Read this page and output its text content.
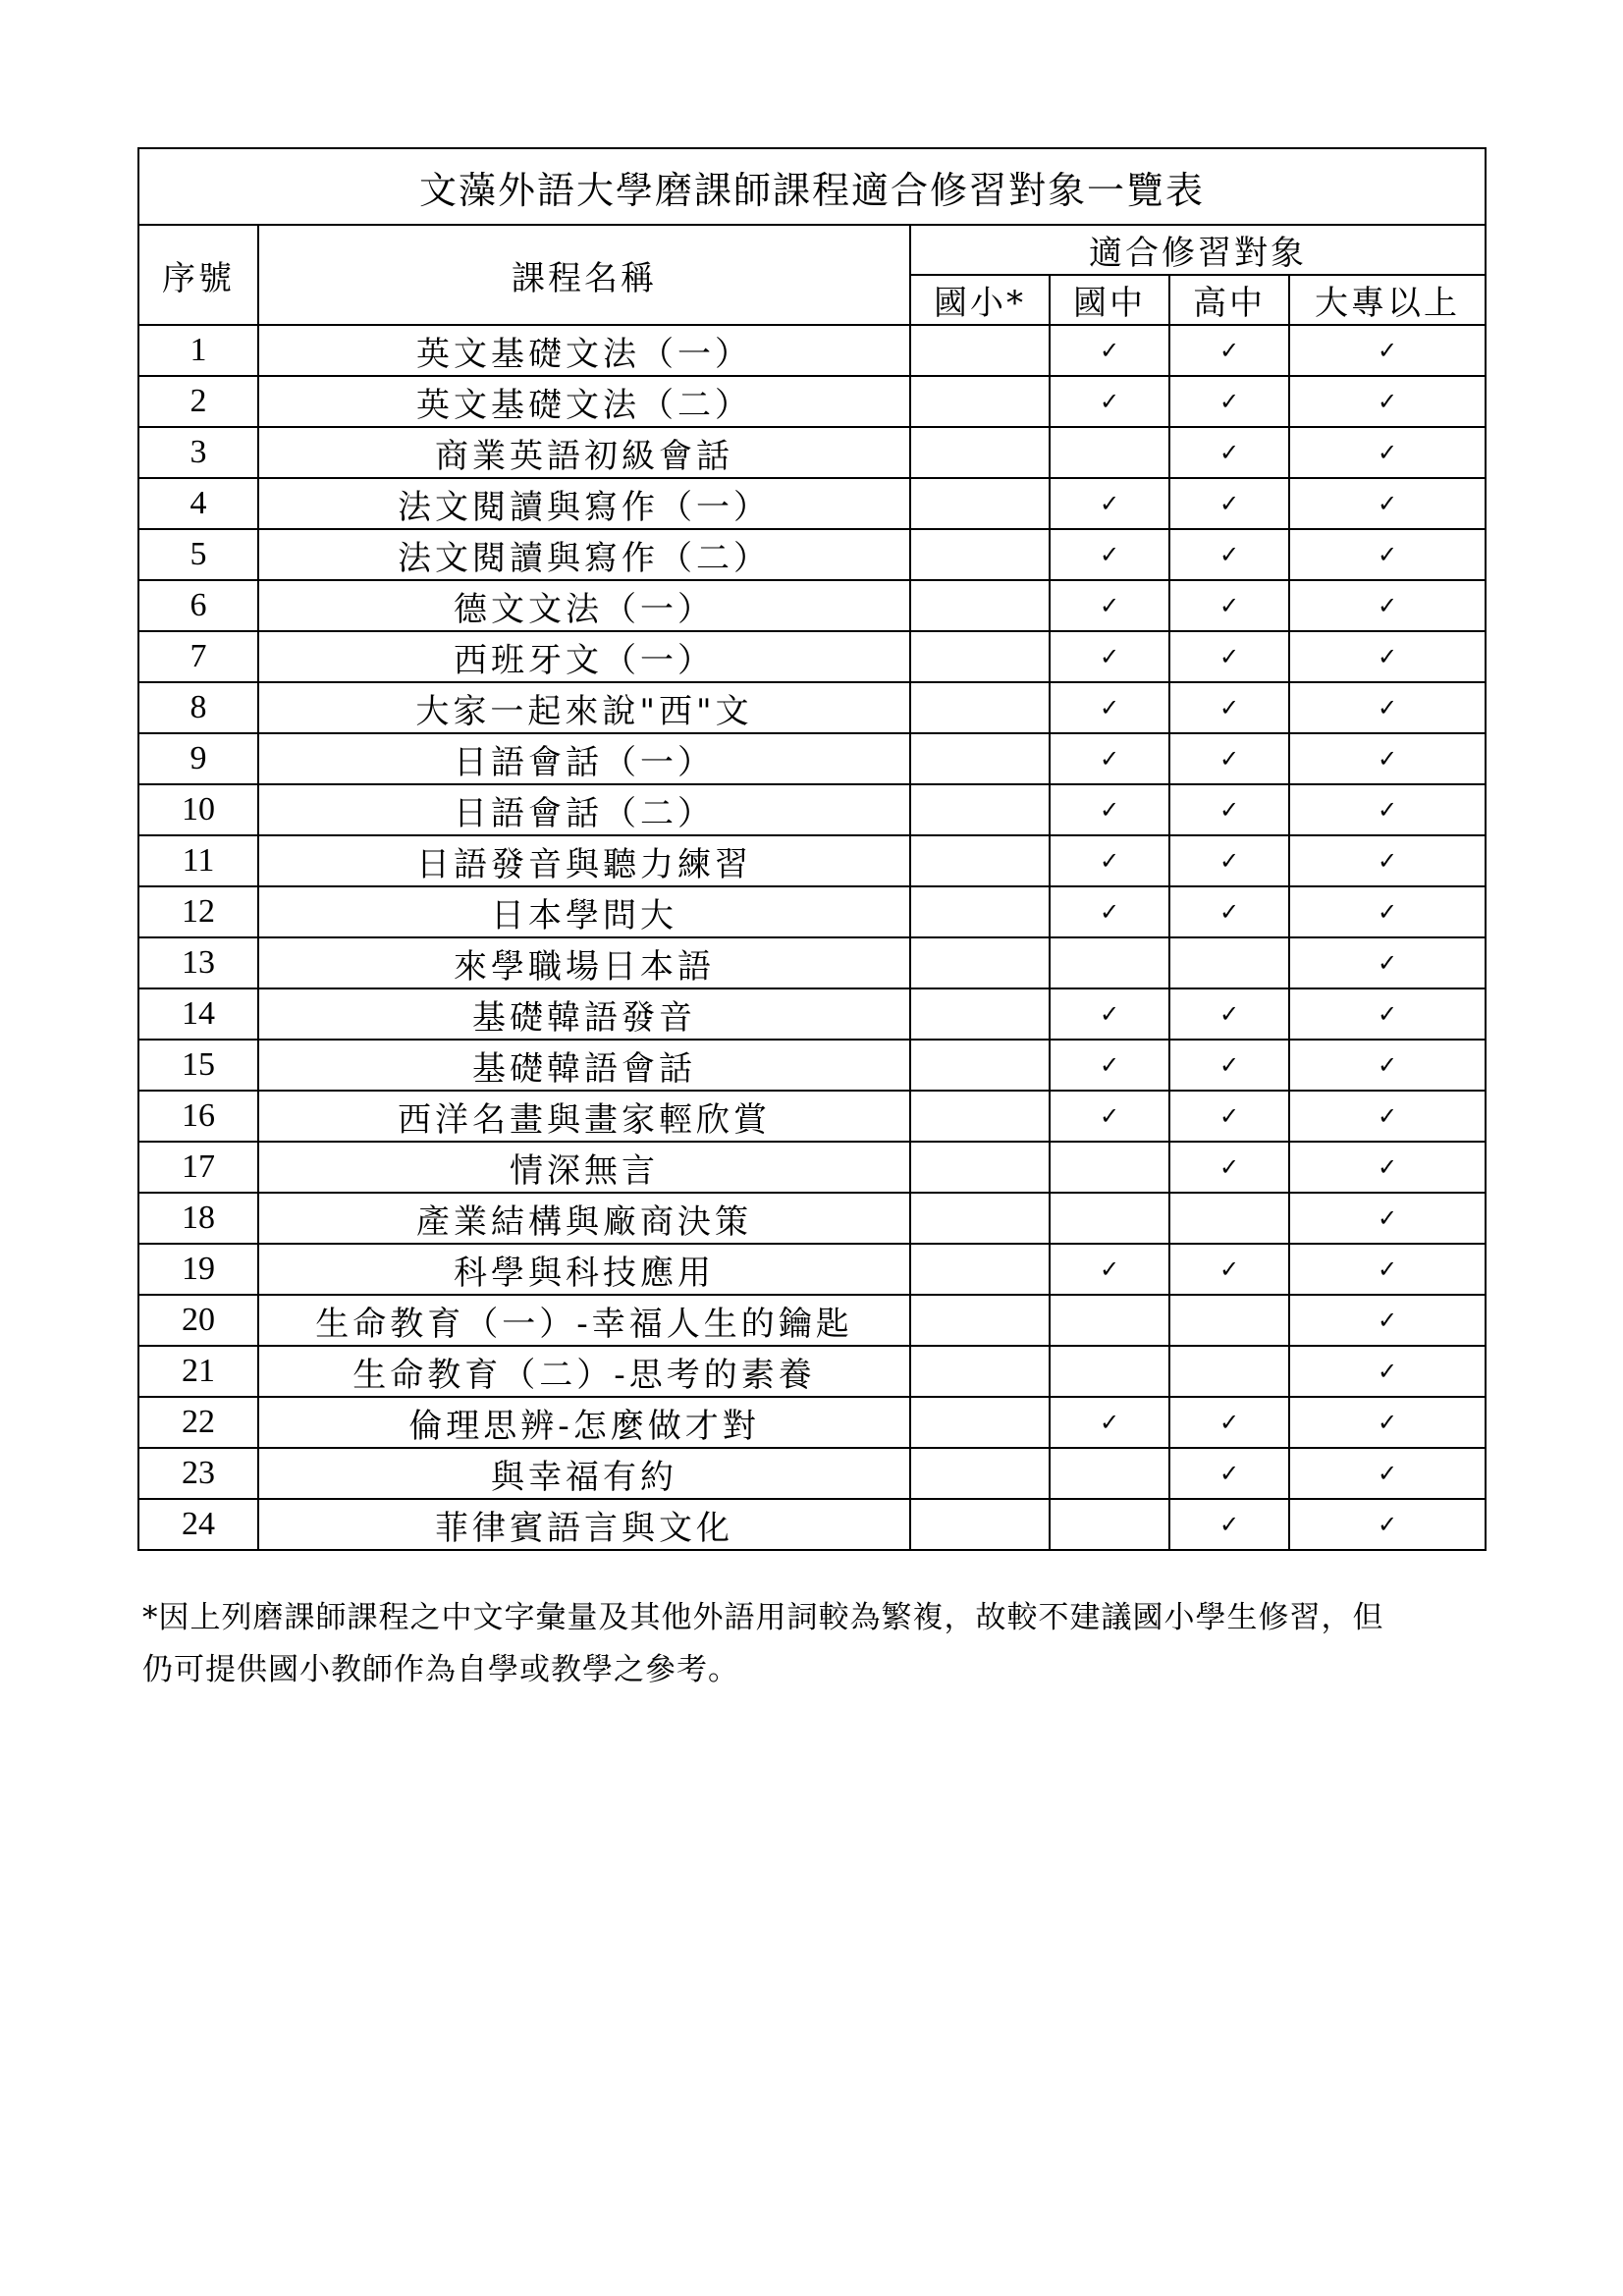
文藻外語大學磨課師課程適合修習對象一覽表					
序號	課程名稱	適合修習對象			
		國小*	國中	高中	大專以上
1	英文基礎文法（一）		✓	✓	✓
2	英文基礎文法（二）		✓	✓	✓
3	商業英語初級會話			✓	✓
4	法文閱讀與寫作（一）		✓	✓	✓
5	法文閱讀與寫作（二）		✓	✓	✓
6	德文文法（一）		✓	✓	✓
7	西班牙文（一）		✓	✓	✓
8	大家一起來說"西"文		✓	✓	✓
9	日語會話（一）		✓	✓	✓
10	日語會話（二）		✓	✓	✓
11	日語發音與聽力練習		✓	✓	✓
12	日本學問大		✓	✓	✓
13	來學職場日本語				✓
14	基礎韓語發音		✓	✓	✓
15	基礎韓語會話		✓	✓	✓
16	西洋名畫與畫家輕欣賞		✓	✓	✓
17	情深無言			✓	✓
18	產業結構與廠商決策				✓
19	科學與科技應用		✓	✓	✓
20	生命教育（一）-幸福人生的鑰匙				✓
21	生命教育（二）-思考的素養				✓
22	倫理思辨-怎麼做才對		✓	✓	✓
23	與幸福有約			✓	✓
24	菲律賓語言與文化			✓	✓
*因上列磨課師課程之中文字彙量及其他外語用詞較為繁複，故較不建議國小學生修習，但
仍可提供國小教師作為自學或教學之參考。
